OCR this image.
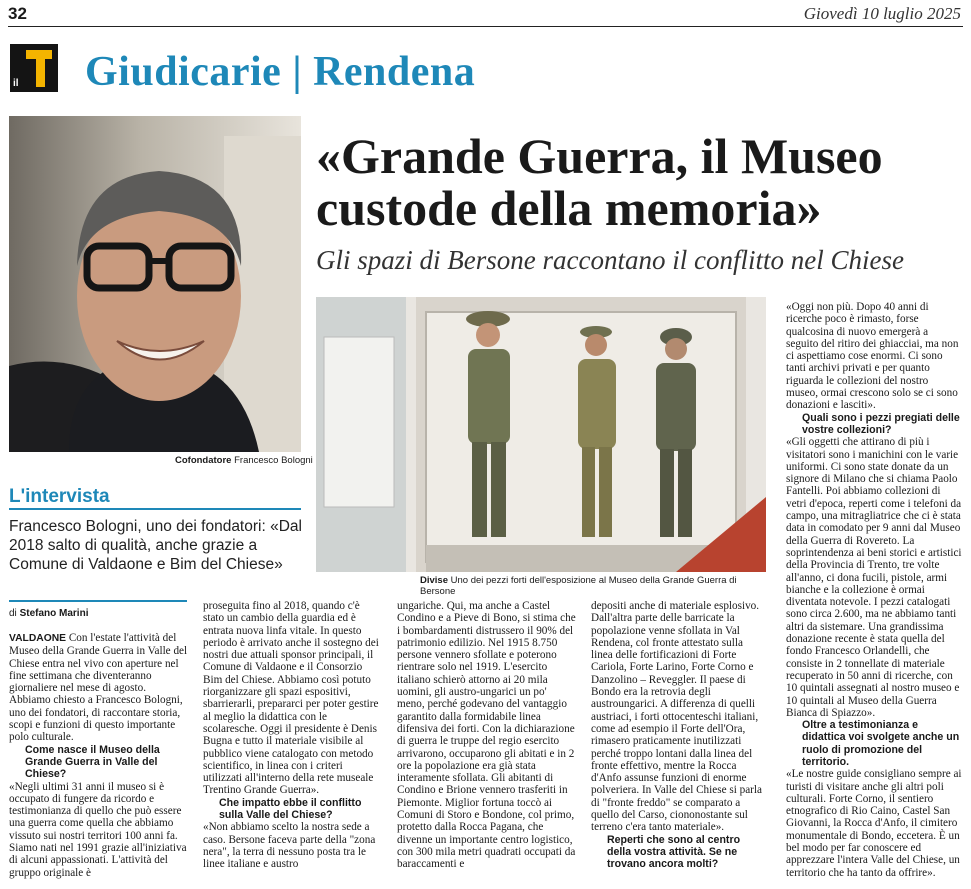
32	Giovedì 10 luglio 2025
il Giudicarie | Rendena
Cofondatore Francesco Bologni
L'intervista
Francesco Bologni, uno dei fondatori: «Dal 2018 salto di qualità, anche grazie a Comune di Valdaone e Bim del Chiese»
«Grande Guerra, il Museo custode della memoria»
Gli spazi di Bersone raccontano il conflitto nel Chiese
Divise Uno dei pezzi forti dell'esposizione al Museo della Grande Guerra di Bersone
di Stefano Marini

VALDAONE Con l'estate l'attività del Museo della Grande Guerra in Valle del Chiese entra nel vivo con aperture nel fine settimana che diventeranno giornaliere nel mese di agosto. Abbiamo chiesto a Francesco Bologni, uno dei fondatori, di raccontare storia, scopi e funzioni di questo importante polo culturale.

Come nasce il Museo della Grande Guerra in Valle del Chiese?

«Negli ultimi 31 anni il museo si è occupato di fungere da ricordo e testimonianza di quello che può essere una guerra come quella che abbiamo vissuto sui nostri territori 100 anni fa. Siamo nati nel 1991 grazie all'iniziativa di alcuni appassionati. L'attività del gruppo originale è

proseguita fino al 2018, quando c'è stato un cambio della guardia ed è entrata nuova linfa vitale. In questo periodo è arrivato anche il sostegno dei nostri due attuali sponsor principali, il Comune di Valdaone e il Consorzio Bim del Chiese. Abbiamo così potuto riorganizzare gli spazi espositivi, sbarrierarli, prepararci per poter gestire al meglio la didattica con le scolaresche. Oggi il presidente è Denis Bugna e tutto il materiale visibile al pubblico viene catalogato con metodo scientifico, in linea con i criteri utilizzati all'interno della rete museale Trentino Grande Guerra».

Che impatto ebbe il conflitto sulla Valle del Chiese?

«Non abbiamo scelto la nostra sede a caso. Bersone faceva parte della "zona nera", la terra di nessuno posta tra le linee italiane e austro

ungariche. Qui, ma anche a Castel Condino e a Pieve di Bono, si stima che i bombardamenti distrussero il 90% del patrimonio edilizio. Nel 1915 8.750 persone vennero sfollate e poterono rientrare solo nel 1919. L'esercito italiano schierò attorno ai 20 mila uomini, gli austro-ungarici un po' meno, perché godevano del vantaggio garantito dalla formidabile linea difensiva dei forti. Con la dichiarazione di guerra le truppe del regio esercito arrivarono, occuparono gli abitati e in 2 ore la popolazione era già stata interamente sfollata. Gli abitanti di Condino e Brione vennero trasferiti in Piemonte. Miglior fortuna toccò ai Comuni di Storo e Bondone, col primo, protetto dalla Rocca Pagana, che divenne un importante centro logistico, con 300 mila metri quadrati occupati da baraccamenti e

depositi anche di materiale esplosivo. Dall'altra parte delle barricate la popolazione venne sfollata in Val Rendena, col fronte attestato sulla linea delle fortificazioni di Forte Cariola, Forte Larino, Forte Corno e Danzolino – Reveggler. Il paese di Bondo era la retrovia degli austroungarici. A differenza di quelli austriaci, i forti ottocenteschi italiani, come ad esempio il Forte dell'Ora, rimasero praticamente inutilizzati perché troppo lontani dalla linea del fronte effettivo, mentre la Rocca d'Anfo assunse funzioni di enorme polveriera. In Valle del Chiese si parla di "fronte freddo" se comparato a quello del Carso, ciononostante sul terreno c'era tanto materiale».

Reperti che sono al centro della vostra attività. Se ne trovano ancora molti?

«Oggi non più. Dopo 40 anni di ricerche poco è rimasto, forse qualcosina di nuovo emergerà a seguito del ritiro dei ghiacciai, ma non ci aspettiamo cose enormi. Ci sono tanti archivi privati e per quanto riguarda le collezioni del nostro museo, ormai crescono solo se ci sono donazioni e lasciti».

Quali sono i pezzi pregiati delle vostre collezioni?

«Gli oggetti che attirano di più i visitatori sono i manichini con le varie uniformi. Ci sono state donate da un signore di Milano che si chiama Paolo Fantelli. Poi abbiamo collezioni di vetri d'epoca, reperti come i telefoni da campo, una mitragliatrice che ci è stata data in comodato per 9 anni dal Museo della Guerra di Rovereto. La soprintendenza ai beni storici e artistici della Provincia di Trento, tre volte all'anno, ci dona fucili, pistole, armi bianche e la collezione è ormai diventata notevole. I pezzi catalogati sono circa 2.600, ma ne abbiamo tanti altri da sistemare. Una grandissima donazione recente è stata quella del fondo Francesco Orlandelli, che consiste in 2 tonnellate di materiale recuperato in 50 anni di ricerche, con 10 quintali assegnati al nostro museo e 10 quintali al Museo della Guerra Bianca di Spiazzo».

Oltre a testimonianza e didattica voi svolgete anche un ruolo di promozione del territorio.

«Le nostre guide consigliano sempre ai turisti di visitare anche gli altri poli culturali. Forte Corno, il sentiero etnografico di Rio Caino, Castel San Giovanni, la Rocca d'Anfo, il cimitero monumentale di Bondo, eccetera. È un bel modo per far conoscere ed apprezzare l'intera Valle del Chiese, un territorio che ha tanto da offrire».
